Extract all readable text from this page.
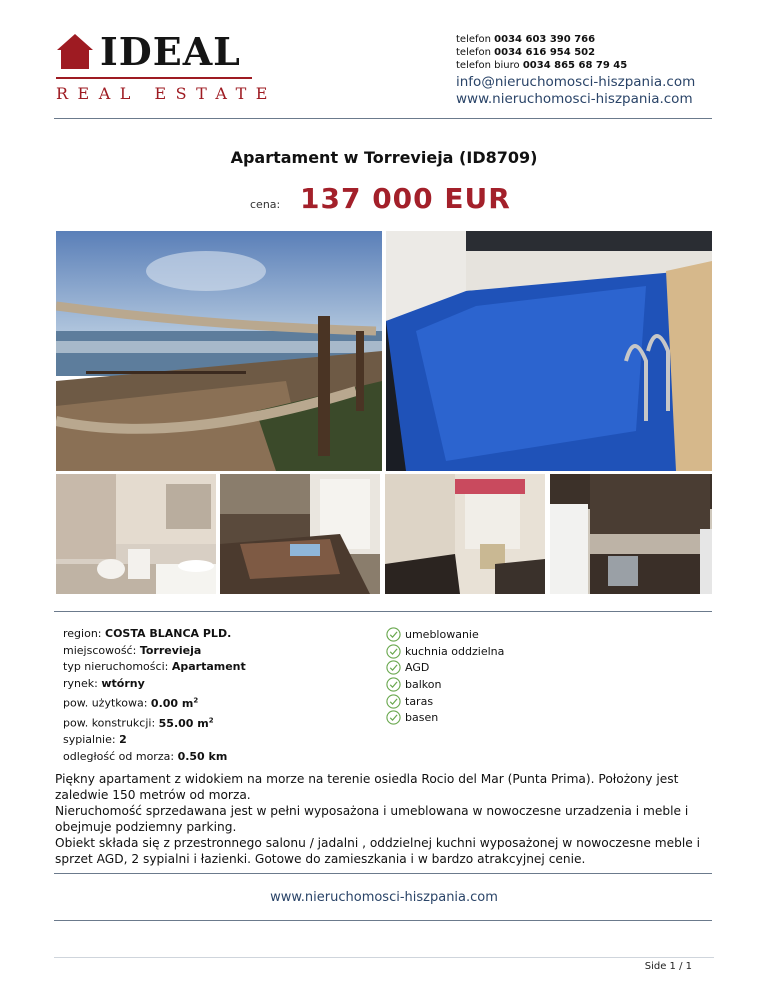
IDEAL
REAL ESTATE
telefon 0034 603 390 766
telefon 0034 616 954 502
telefon biuro 0034 865 68 79 45
info@nieruchomosci-hiszpania.com
www.nieruchomosci-hiszpania.com
Apartament w Torrevieja (ID8709)
cena: 137 000 EUR
region: COSTA BLANCA PLD.
miejscowość: Torrevieja
typ nieruchomości: Apartament
rynek: wtórny
pow. użytkowa: 0.00 $m^2$
pow. konstrukcji: 55.00 $m^2$
sypialnie: 2
odległość od morza: 0.50 km
umeblowanie
kuchnia oddzielna
AGD
balkon
taras
basen

Piękny apartament z widokiem na morze na terenie osiedla Rocio del Mar (Punta Prima). Położony jest zaledwie 150 metrów od morza.

Nieruchomość sprzedawana jest w pełni wyposażona i umeblowana w nowoczesne urzadzenia i meble i obejmuje podziemny parking.

Obiekt składa się z przestronnego salonu / jadalni , oddzielnej kuchni wyposażonej w nowoczesne meble i sprzet AGD, 2 sypialni i łazienki. Gotowe do zamieszkania i w bardzo atrakcyjnej cenie.

www.nieruchomosci-hiszpania.com
Side 1 / 1
